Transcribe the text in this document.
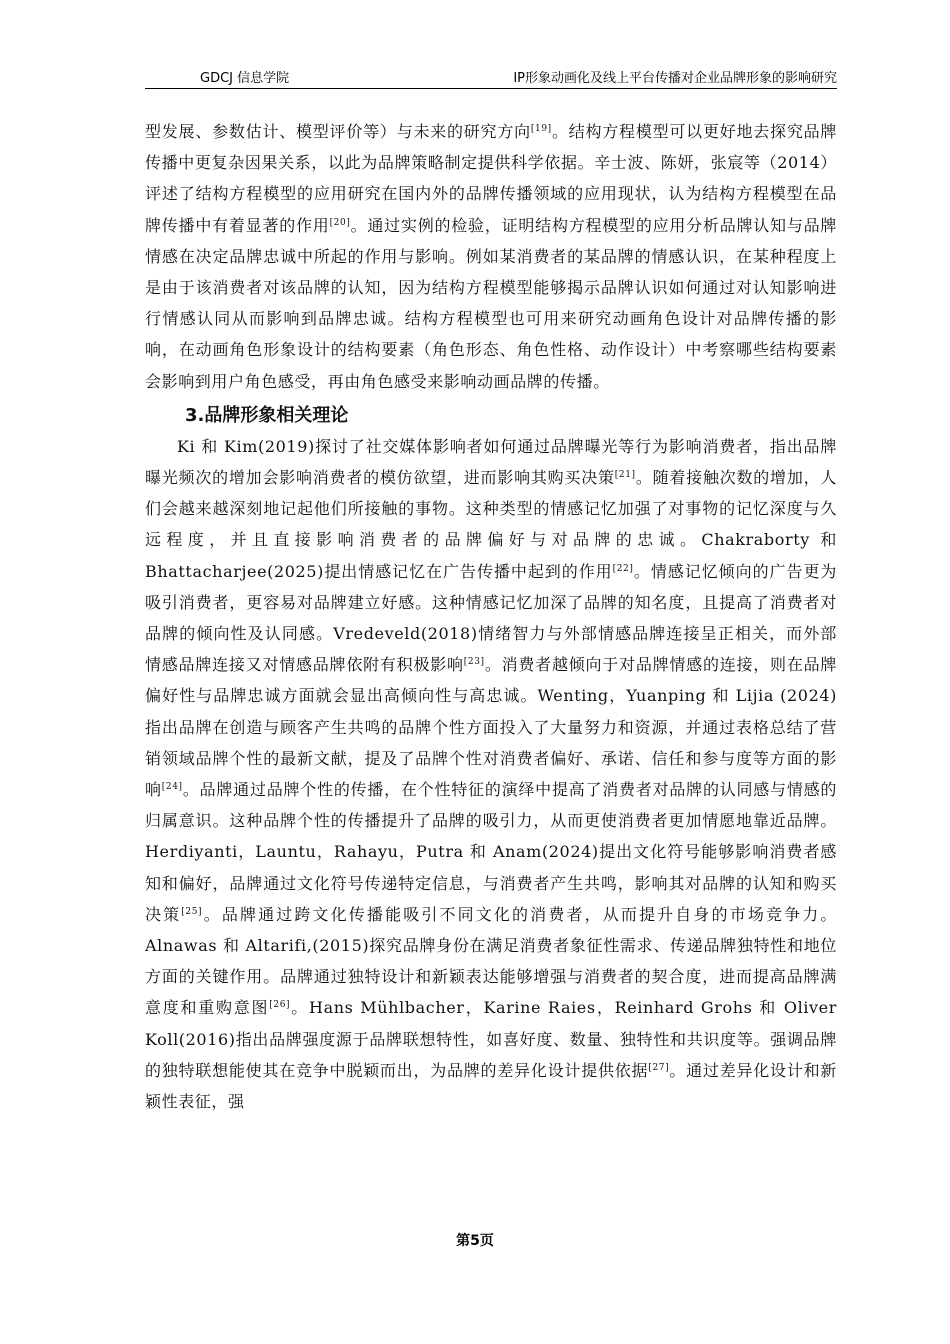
GDCJ 信息学院	IP形象动画化及线上平台传播对企业品牌形象的影响研究

型发展、参数估计、模型评价等）与未来的研究方向[19]。结构方程模型可以更好地去探究品牌传播中更复杂因果关系，以此为品牌策略制定提供科学依据。辛士波、陈妍，张宸等（2014）评述了结构方程模型的应用研究在国内外的品牌传播领域的应用现状，认为结构方程模型在品牌传播中有着显著的作用[20]。通过实例的检验，证明结构方程模型的应用分析品牌认知与品牌情感在决定品牌忠诚中所起的作用与影响。例如某消费者的某品牌的情感认识，在某种程度上是由于该消费者对该品牌的认知，因为结构方程模型能够揭示品牌认识如何通过对认知影响进行情感认同从而影响到品牌忠诚。结构方程模型也可用来研究动画角色设计对品牌传播的影响，在动画角色形象设计的结构要素（角色形态、角色性格、动作设计）中考察哪些结构要素会影响到用户角色感受，再由角色感受来影响动画品牌的传播。

3.品牌形象相关理论

Ki 和 Kim(2019)探讨了社交媒体影响者如何通过品牌曝光等行为影响消费者，指出品牌曝光频次的增加会影响消费者的模仿欲望，进而影响其购买决策[21]。随着接触次数的增加，人们会越来越深刻地记起他们所接触的事物。这种类型的情感记忆加强了对事物的记忆深度与久远程度，并且直接影响消费者的品牌偏好与对品牌的忠诚。Chakraborty 和 Bhattacharjee(2025)提出情感记忆在广告传播中起到的作用[22]。情感记忆倾向的广告更为吸引消费者，更容易对品牌建立好感。这种情感记忆加深了品牌的知名度，且提高了消费者对品牌的倾向性及认同感。Vredeveld(2018)情绪智力与外部情感品牌连接呈正相关，而外部情感品牌连接又对情感品牌依附有积极影响[23]。消费者越倾向于对品牌情感的连接，则在品牌偏好性与品牌忠诚方面就会显出高倾向性与高忠诚。Wenting，Yuanping 和 Lijia (2024)指出品牌在创造与顾客产生共鸣的品牌个性方面投入了大量努力和资源，并通过表格总结了营销领域品牌个性的最新文献，提及了品牌个性对消费者偏好、承诺、信任和参与度等方面的影响[24]。品牌通过品牌个性的传播，在个性特征的演绎中提高了消费者对品牌的认同感与情感的归属意识。这种品牌个性的传播提升了品牌的吸引力，从而更使消费者更加情愿地靠近品牌。Herdiyanti，Launtu，Rahayu，Putra 和 Anam(2024)提出文化符号能够影响消费者感知和偏好，品牌通过文化符号传递特定信息，与消费者产生共鸣，影响其对品牌的认知和购买决策[25]。品牌通过跨文化传播能吸引不同文化的消费者，从而提升自身的市场竞争力。Alnawas 和 Altarifi,(2015)探究品牌身份在满足消费者象征性需求、传递品牌独特性和地位方面的关键作用。品牌通过独特设计和新颖表达能够增强与消费者的契合度，进而提高品牌满意度和重购意图[26]。Hans Mühlbacher，Karine Raies，Reinhard Grohs 和 Oliver Koll(2016)指出品牌强度源于品牌联想特性，如喜好度、数量、独特性和共识度等。强调品牌的独特联想能使其在竞争中脱颖而出，为品牌的差异化设计提供依据[27]。通过差异化设计和新颖性表征，强

第5页
